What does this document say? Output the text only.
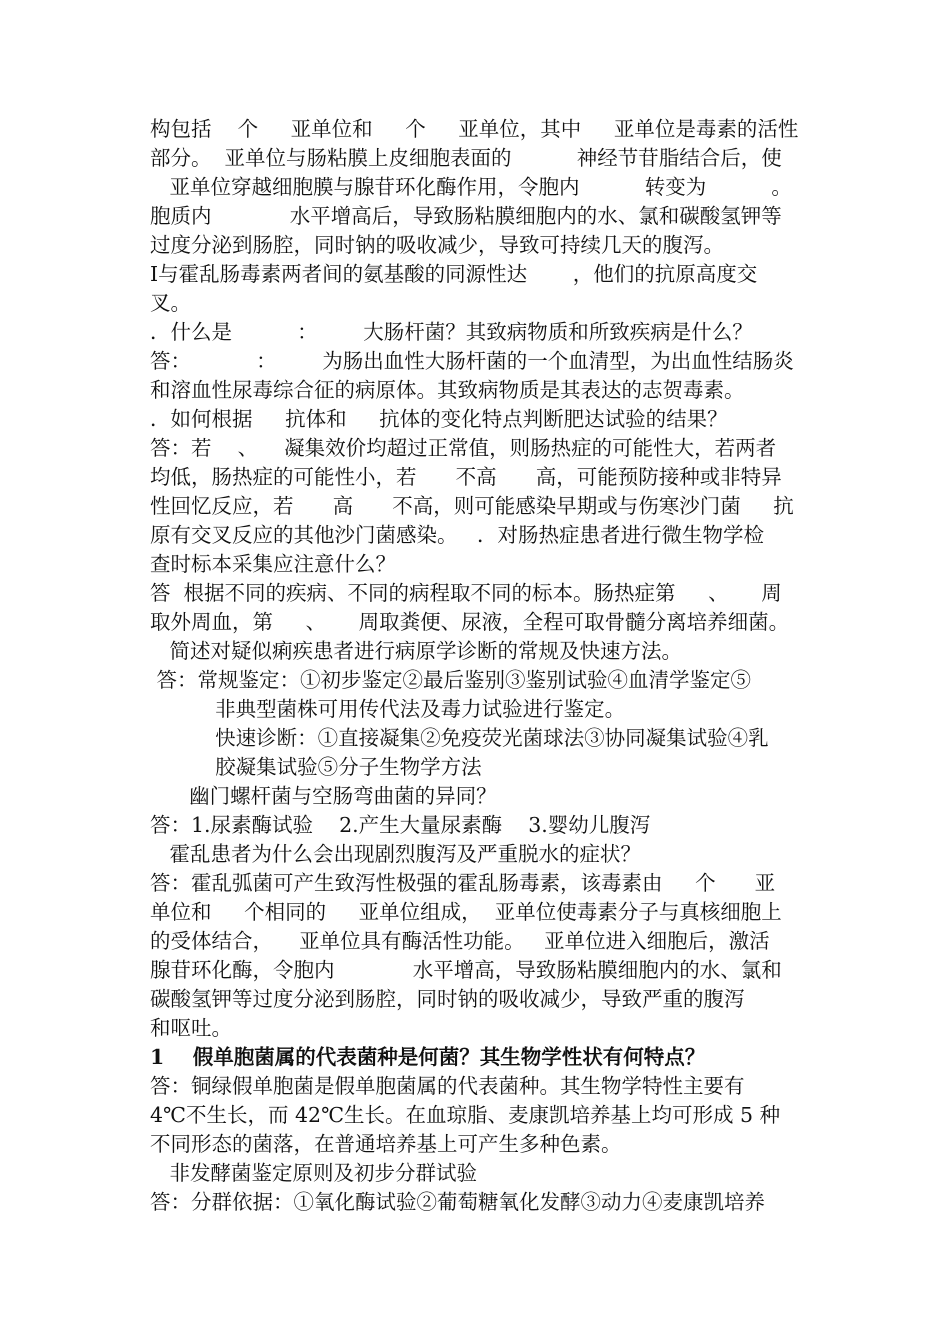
构包括    个     亚单位和     个     亚单位，其中     亚单位是毒素的活性
部分。  亚单位与肠粘膜上皮细胞表面的          神经节苷脂结合后，使
亚单位穿越细胞膜与腺苷环化酶作用，令胞内          转变为          。
胞质内            水平增高后，导致肠粘膜细胞内的水、氯和碳酸氢钾等
过度分泌到肠腔，同时钠的吸收减少，导致可持续几天的腹泻。
Ⅰ与霍乱肠毒素两者间的氨基酸的同源性达       ，他们的抗原高度交
叉。
．什么是          ：       大肠杆菌？其致病物质和所致疾病是什么？
答：          ：       为肠出血性大肠杆菌的一个血清型，为出血性结肠炎
和溶血性尿毒综合征的病原体。其致病物质是其表达的志贺毒素。
．如何根据     抗体和     抗体的变化特点判断肥达试验的结果？
答：若    、    凝集效价均超过正常值，则肠热症的可能性大，若两者
均低，肠热症的可能性小，若      不高      高，可能预防接种或非特异
性回忆反应，若      高      不高，则可能感染早期或与伤寒沙门菌     抗
原有交叉反应的其他沙门菌感染。   ．对肠热症患者进行微生物学检
查时标本采集应注意什么？
答  根据不同的疾病、不同的病程取不同的标本。肠热症第     、     周
取外周血，第     、     周取粪便、尿液，全程可取骨髓分离培养细菌。
简述对疑似痢疾患者进行病原学诊断的常规及快速方法。
答：常规鉴定：①初步鉴定②最后鉴别③鉴别试验④血清学鉴定⑤
非典型菌株可用传代法及毒力试验进行鉴定。
快速诊断：①直接凝集②免疫荧光菌球法③协同凝集试验④乳
胶凝集试验⑤分子生物学方法
幽门螺杆菌与空肠弯曲菌的异同？
答：1.尿素酶试验    2.产生大量尿素酶    3.婴幼儿腹泻
霍乱患者为什么会出现剧烈腹泻及严重脱水的症状？
答：霍乱弧菌可产生致泻性极强的霍乱肠毒素，该毒素由     个      亚
单位和     个相同的     亚单位组成，  亚单位使毒素分子与真核细胞上
的受体结合，    亚单位具有酶活性功能。   亚单位进入细胞后，激活
腺苷环化酶，令胞内            水平增高，导致肠粘膜细胞内的水、氯和
碳酸氢钾等过度分泌到肠腔，同时钠的吸收减少，导致严重的腹泻
和呕吐。
1    假单胞菌属的代表菌种是何菌？其生物学性状有何特点？
答：铜绿假单胞菌是假单胞菌属的代表菌种。其生物学特性主要有
4℃不生长，而 42℃生长。在血琼脂、麦康凯培养基上均可形成 5 种
不同形态的菌落，在普通培养基上可产生多种色素。
非发酵菌鉴定原则及初步分群试验
答：分群依据：①氧化酶试验②葡萄糖氧化发酵③动力④麦康凯培养
